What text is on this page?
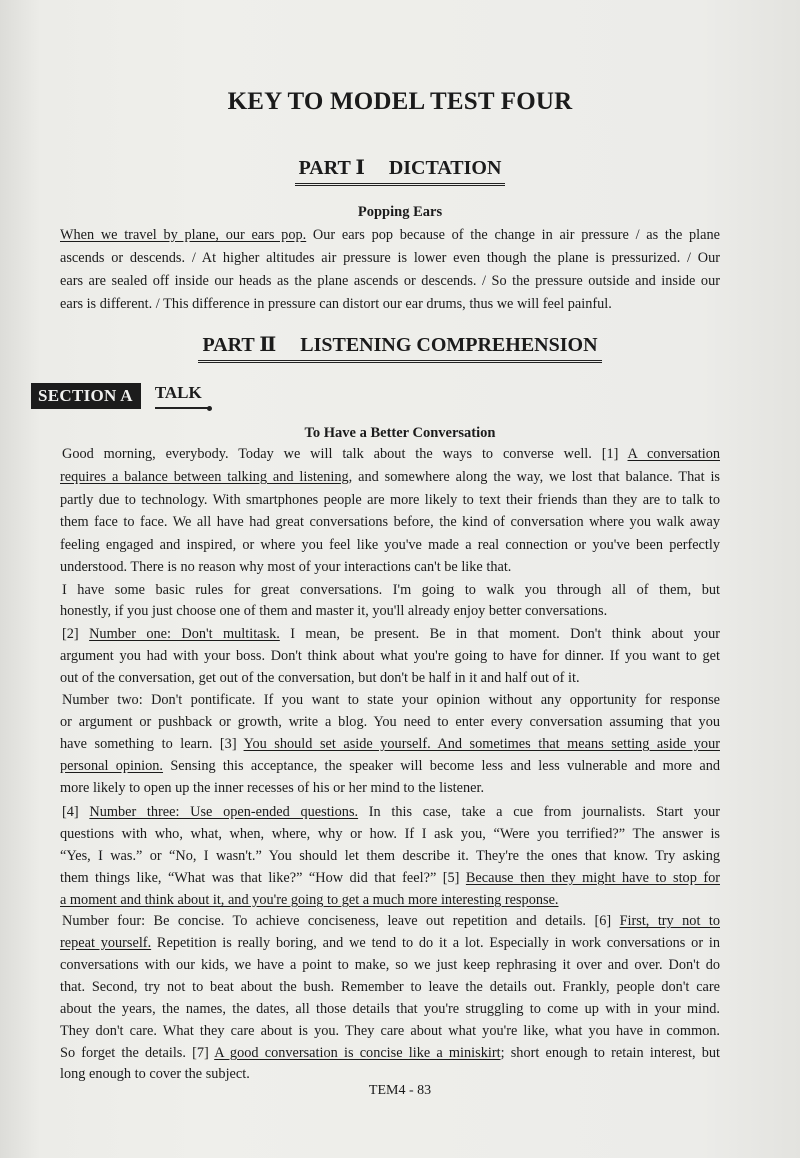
KEY TO MODEL TEST FOUR
PART Ⅰ DICTATION
Popping Ears
PART Ⅱ LISTENING COMPREHENSION
SECTION A	TALK
To Have a Better Conversation
When we travel by plane, our ears pop. Our ears pop because of the change in air pressure / as the plane
ascends or descends. / At higher altitudes air pressure is lower even though the plane is pressurized. / Our
ears are sealed off inside our heads as the plane ascends or descends. / So the pressure outside and inside our
ears is different. / This difference in pressure can distort our ear drums, thus we will feel painful.
Good morning, everybody. Today we will talk about the ways to converse well. [1] A conversation
requires a balance between talking and listening, and somewhere along the way, we lost that balance. That is
partly due to technology. With smartphones people are more likely to text their friends than they are to talk to
them face to face. We all have had great conversations before, the kind of conversation where you walk away
feeling engaged and inspired, or where you feel like you've made a real connection or you've been perfectly
understood. There is no reason why most of your interactions can't be like that.
I have some basic rules for great conversations. I'm going to walk you through all of them, but
honestly, if you just choose one of them and master it, you'll already enjoy better conversations.
[2] Number one: Don't multitask. I mean, be present. Be in that moment. Don't think about your
argument you had with your boss. Don't think about what you're going to have for dinner. If you want to get
out of the conversation, get out of the conversation, but don't be half in it and half out of it.
Number two: Don't pontificate. If you want to state your opinion without any opportunity for response
or argument or pushback or growth, write a blog. You need to enter every conversation assuming that you
have something to learn. [3] You should set aside yourself. And sometimes that means setting aside your
personal opinion. Sensing this acceptance, the speaker will become less and less vulnerable and more and
more likely to open up the inner recesses of his or her mind to the listener.
[4] Number three: Use open-ended questions. In this case, take a cue from journalists. Start your
questions with who, what, when, where, why or how. If I ask you, “Were you terrified?” The answer is
“Yes, I was.” or “No, I wasn't.” You should let them describe it. They're the ones that know. Try asking
them things like, “What was that like?” “How did that feel?” [5] Because then they might have to stop for
a moment and think about it, and you're going to get a much more interesting response.
Number four: Be concise. To achieve conciseness, leave out repetition and details. [6] First, try not to
repeat yourself. Repetition is really boring, and we tend to do it a lot. Especially in work conversations or in
conversations with our kids, we have a point to make, so we just keep rephrasing it over and over. Don't do
that. Second, try not to beat about the bush. Remember to leave the details out. Frankly, people don't care
about the years, the names, the dates, all those details that you're struggling to come up with in your mind.
They don't care. What they care about is you. They care about what you're like, what you have in common.
So forget the details. [7] A good conversation is concise like a miniskirt; short enough to retain interest, but
long enough to cover the subject.
TEM4 - 83
